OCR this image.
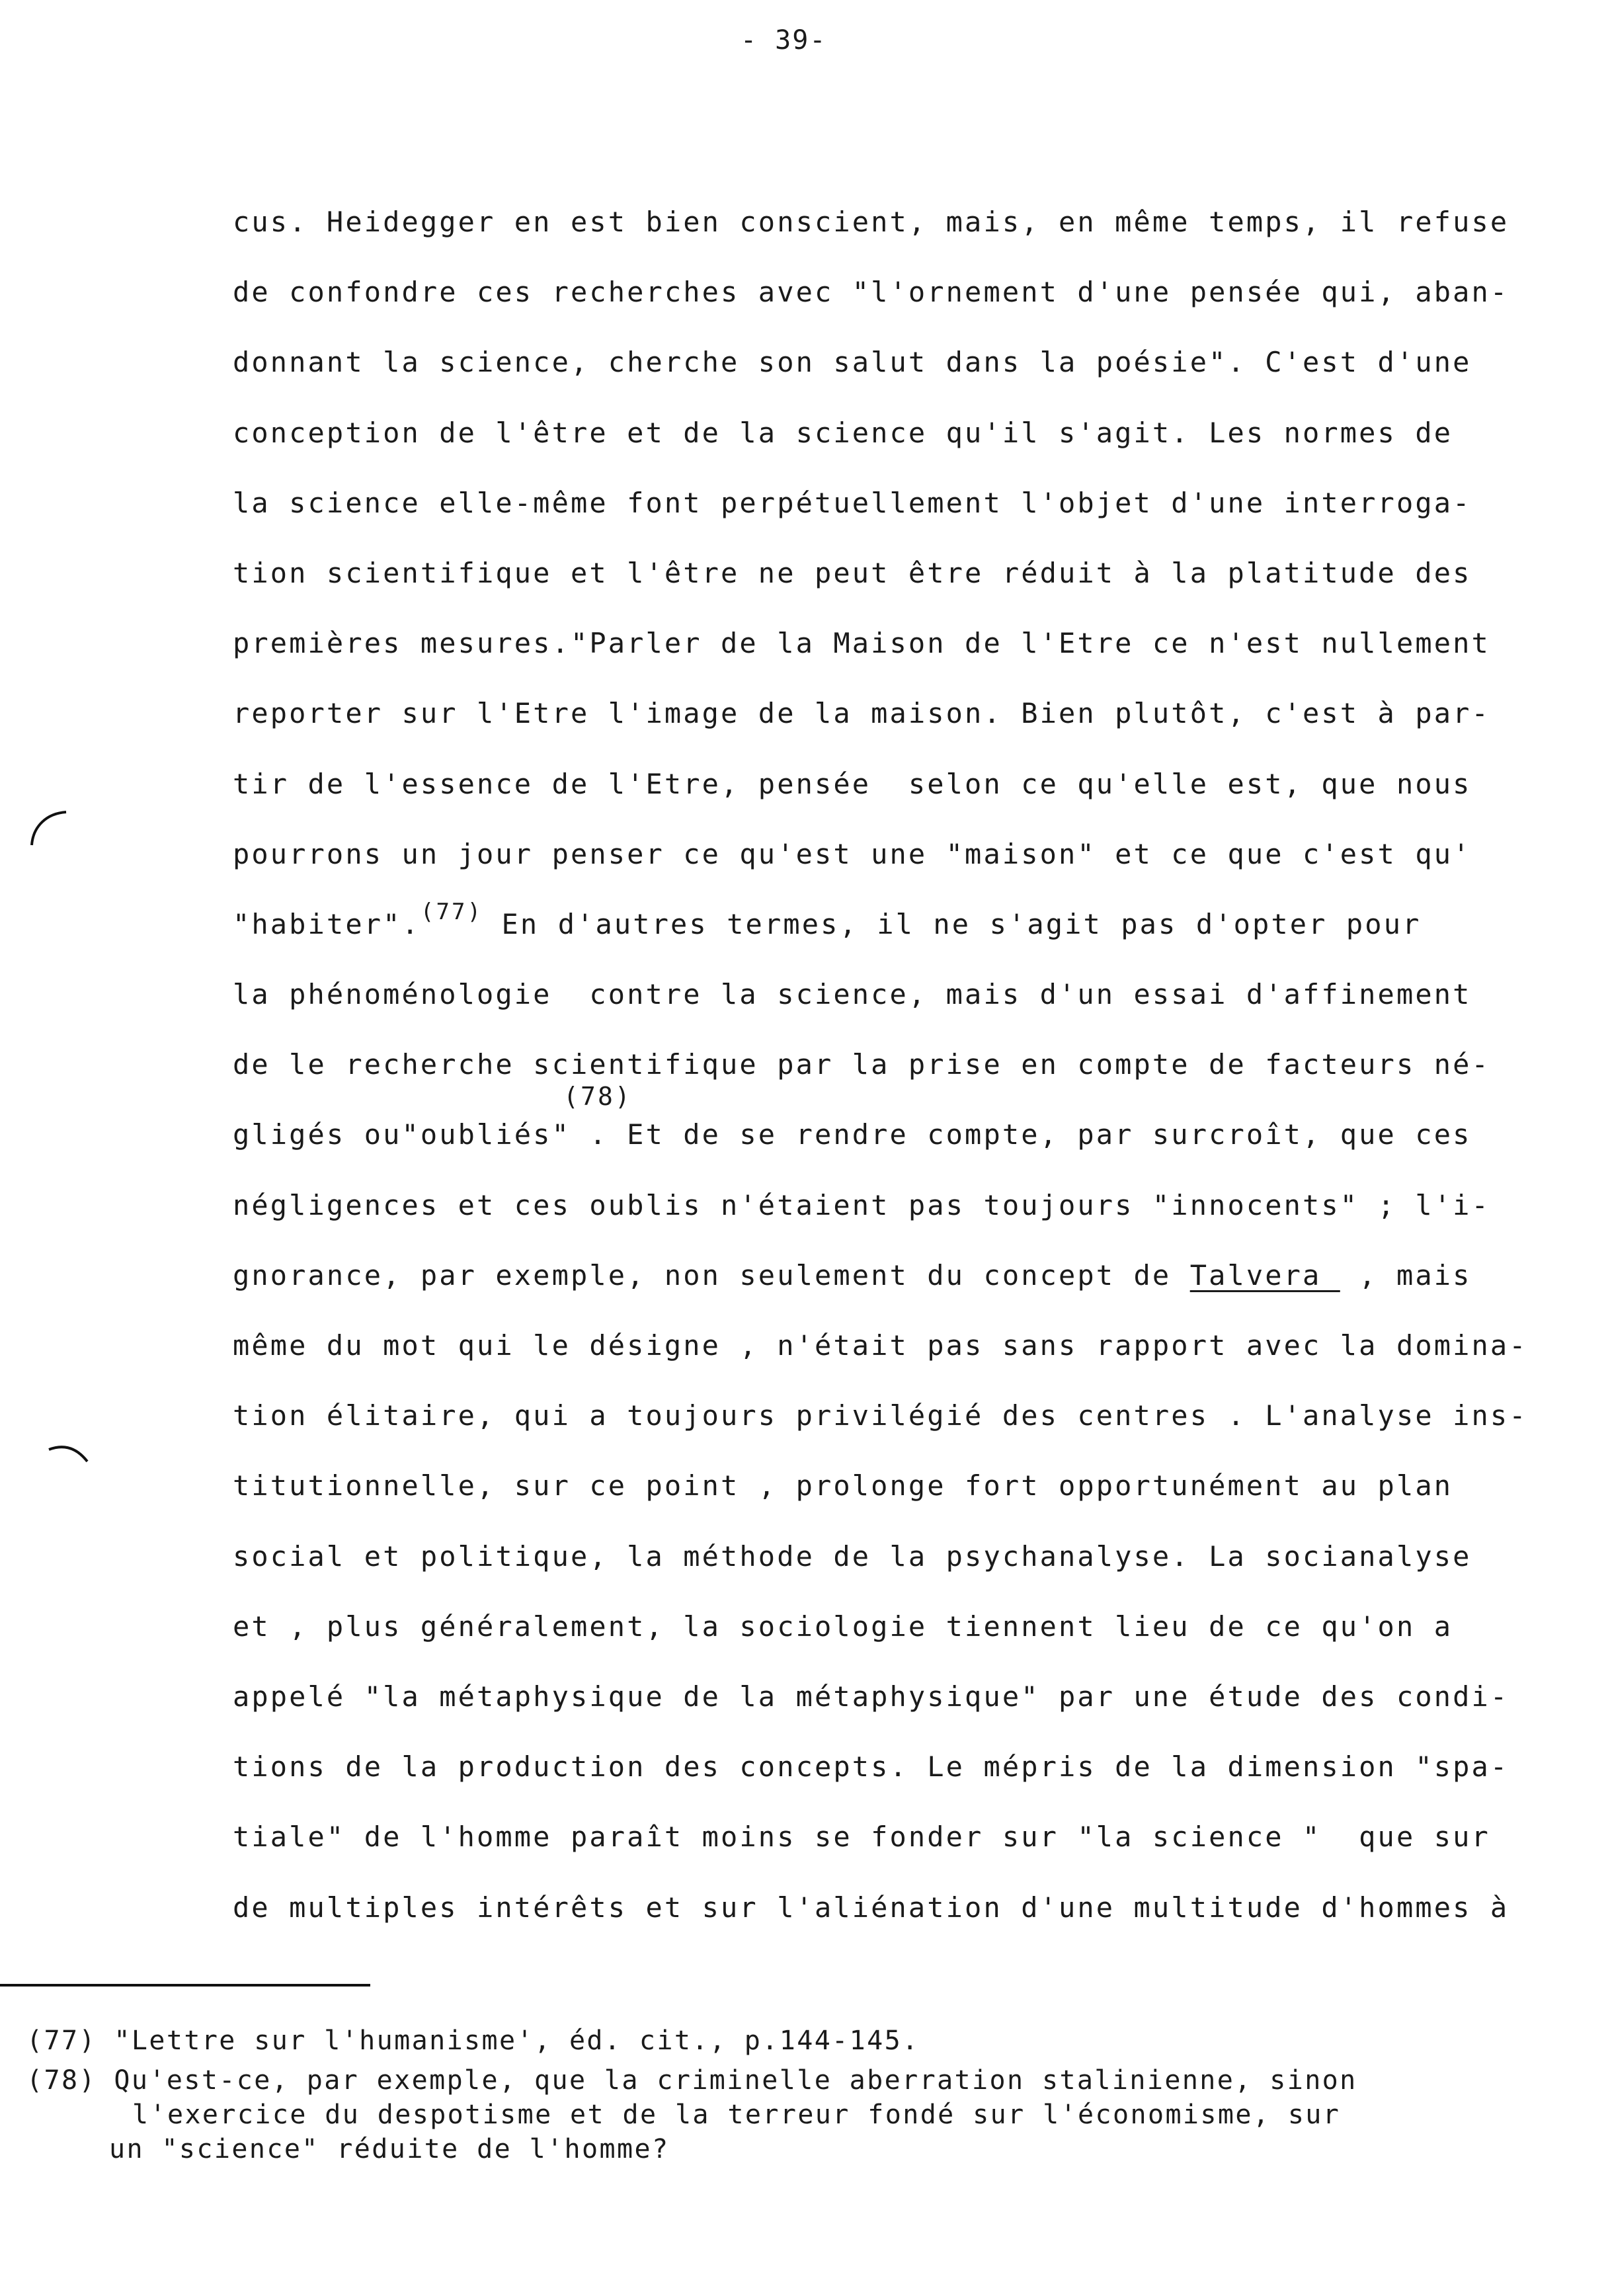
- 39-
cus. Heidegger en est bien conscient, mais, en même temps, il refuse
de confondre ces recherches avec "l'ornement d'une pensée qui, aban-
donnant la science, cherche son salut dans la poésie". C'est d'une
conception de l'être et de la science qu'il s'agit. Les normes de
la science elle-même font perpétuellement l'objet d'une interroga-
tion scientifique et l'être ne peut être réduit à la platitude des
premières mesures."Parler de la Maison de l'Etre ce n'est nullement
reporter sur l'Etre l'image de la maison. Bien plutôt, c'est à par-
tir de l'essence de l'Etre, pensée  selon ce qu'elle est, que nous
pourrons un jour penser ce qu'est une "maison" et ce que c'est qu'
"habiter".$^{(77)}$ En d'autres termes, il ne s'agit pas d'opter pour
la phénoménologie  contre la science, mais d'un essai d'affinement
de le recherche scientifique par la prise en compte de facteurs né-
(78)
gligés ou"oubliés" . Et de se rendre compte, par surcroît, que ces
négligences et ces oublis n'étaient pas toujours "innocents" ; l'i-
gnorance, par exemple, non seulement du concept de Talvera  , mais
même du mot qui le désigne , n'était pas sans rapport avec la domina-
tion élitaire, qui a toujours privilégié des centres . L'analyse ins-
titutionnelle, sur ce point , prolonge fort opportunément au plan
social et politique, la méthode de la psychanalyse. La socianalyse
et , plus généralement, la sociologie tiennent lieu de ce qu'on a
appelé "la métaphysique de la métaphysique" par une étude des condi-
tions de la production des concepts. Le mépris de la dimension "spa-
tiale" de l'homme paraît moins se fonder sur "la science "  que sur
de multiples intérêts et sur l'aliénation d'une multitude d'hommes à
(77) "Lettre sur l'humanisme', éd. cit., p.144-145.
(78) Qu'est-ce, par exemple, que la criminelle aberration stalinienne, sinon
l'exercice du despotisme et de la terreur fondé sur l'économisme, sur
un "science" réduite de l'homme?
